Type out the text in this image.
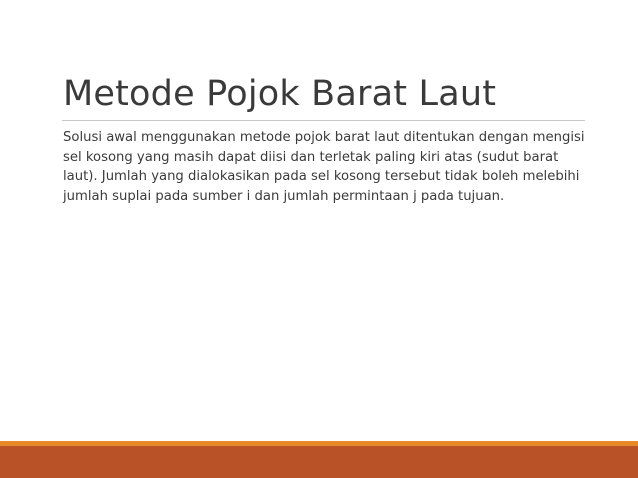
Metode Pojok Barat Laut

Solusi awal menggunakan metode pojok barat laut ditentukan dengan mengisi sel kosong yang masih dapat diisi dan terletak paling kiri atas (sudut barat laut). Jumlah yang dialokasikan pada sel kosong tersebut tidak boleh melebihi jumlah suplai pada sumber i dan jumlah permintaan j pada tujuan.
